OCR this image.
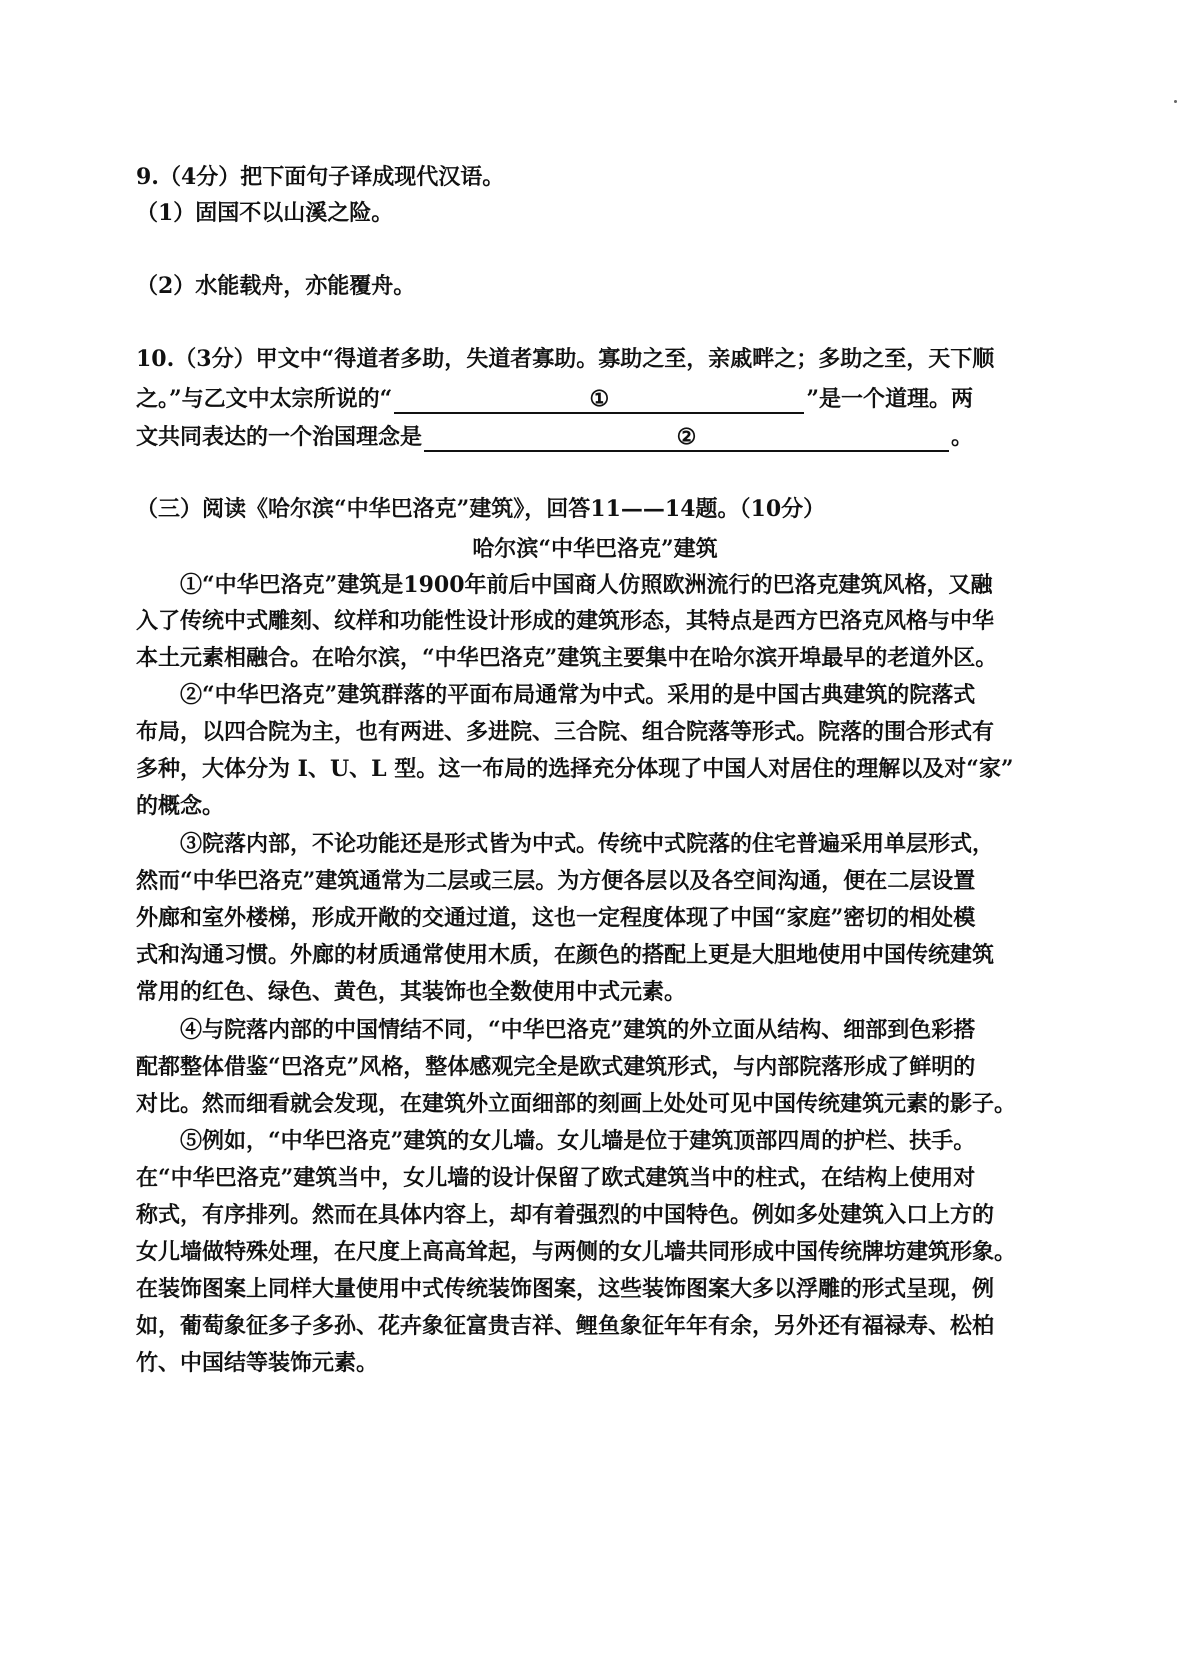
9.（4分）把下面句子译成现代汉语。
（1）固国不以山溪之险。
（2）水能载舟，亦能覆舟。
10.（3分）甲文中“得道者多助，失道者寡助。寡助之至，亲戚畔之；多助之至，天下顺
之。”与乙文中太宗所说的“	①	”是一个道理。两
文共同表达的一个治国理念是	②	。
（三）阅读《哈尔滨“中华巴洛克”建筑》，回答11——14题。（10分）
哈尔滨“中华巴洛克”建筑
①“中华巴洛克”建筑是1900年前后中国商人仿照欧洲流行的巴洛克建筑风格，又融
入了传统中式雕刻、纹样和功能性设计形成的建筑形态，其特点是西方巴洛克风格与中华
本土元素相融合。在哈尔滨，“中华巴洛克”建筑主要集中在哈尔滨开埠最早的老道外区。
②“中华巴洛克”建筑群落的平面布局通常为中式。采用的是中国古典建筑的院落式
布局，以四合院为主，也有两进、多进院、三合院、组合院落等形式。院落的围合形式有
多种，大体分为 I、U、L 型。这一布局的选择充分体现了中国人对居住的理解以及对“家”
的概念。
③院落内部，不论功能还是形式皆为中式。传统中式院落的住宅普遍采用单层形式，
然而“中华巴洛克”建筑通常为二层或三层。为方便各层以及各空间沟通，便在二层设置
外廊和室外楼梯，形成开敞的交通过道，这也一定程度体现了中国“家庭”密切的相处模
式和沟通习惯。外廊的材质通常使用木质，在颜色的搭配上更是大胆地使用中国传统建筑
常用的红色、绿色、黄色，其装饰也全数使用中式元素。
④与院落内部的中国情结不同，“中华巴洛克”建筑的外立面从结构、细部到色彩搭
配都整体借鉴“巴洛克”风格，整体感观完全是欧式建筑形式，与内部院落形成了鲜明的
对比。然而细看就会发现，在建筑外立面细部的刻画上处处可见中国传统建筑元素的影子。
⑤例如，“中华巴洛克”建筑的女儿墙。女儿墙是位于建筑顶部四周的护栏、扶手。
在“中华巴洛克”建筑当中，女儿墙的设计保留了欧式建筑当中的柱式，在结构上使用对
称式，有序排列。然而在具体内容上，却有着强烈的中国特色。例如多处建筑入口上方的
女儿墙做特殊处理，在尺度上高高耸起，与两侧的女儿墙共同形成中国传统牌坊建筑形象。
在装饰图案上同样大量使用中式传统装饰图案，这些装饰图案大多以浮雕的形式呈现，例
如，葡萄象征多子多孙、花卉象征富贵吉祥、鲤鱼象征年年有余，另外还有福禄寿、松柏
竹、中国结等装饰元素。
